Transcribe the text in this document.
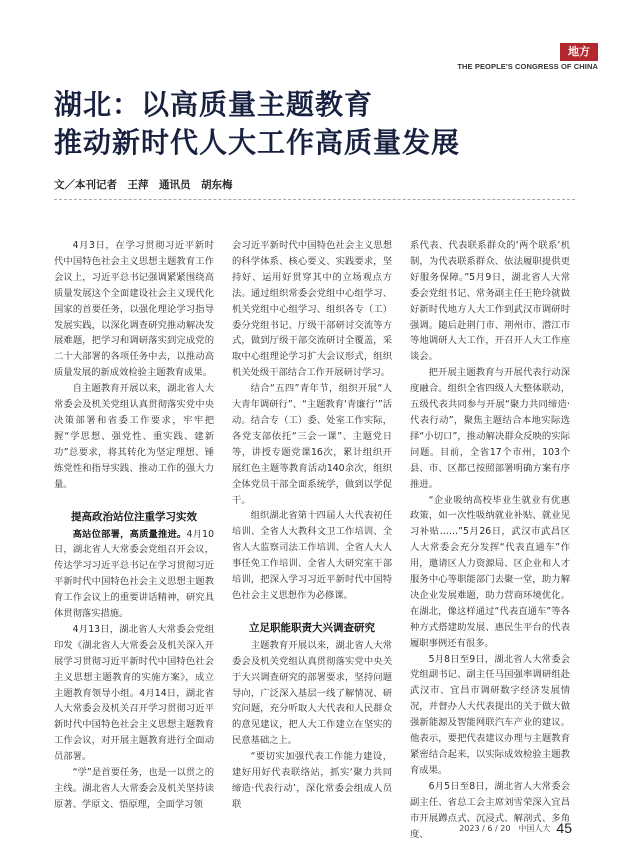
地方
THE PEOPLE'S CONGRESS OF CHINA
湖北：以高质量主题教育
推动新时代人大工作高质量发展
文／本刊记者　王萍　通讯员　胡东梅

4月3日，在学习贯彻习近平新时代中国特色社会主义思想主题教育工作会议上，习近平总书记强调紧紧围绕高质量发展这个全面建设社会主义现代化国家的首要任务，以强化理论学习指导发展实践，以深化调查研究推动解决发展难题，把学习和调研落实到完成党的二十大部署的各项任务中去，以推动高质量发展的新成效检验主题教育成果。

自主题教育开展以来，湖北省人大常委会及机关党组认真贯彻落实党中央决策部署和省委工作要求，牢牢把握“学思想、强党性、重实践、建新功”总要求，将其转化为坚定理想、锤炼党性和指导实践、推动工作的强大力量。

提高政治站位注重学习实效

高站位部署，高质量推进。4月10日，湖北省人大常委会党组召开会议，传达学习习近平总书记在学习贯彻习近平新时代中国特色社会主义思想主题教育工作会议上的重要讲话精神，研究具体贯彻落实措施。

4月13日，湖北省人大常委会党组印发《湖北省人大常委会及机关深入开展学习贯彻习近平新时代中国特色社会主义思想主题教育的实施方案》，成立主题教育领导小组。4月14日，湖北省人大常委会及机关召开学习贯彻习近平新时代中国特色社会主义思想主题教育工作会议，对开展主题教育进行全面动员部署。

“学”是首要任务，也是一以贯之的主线。湖北省人大常委会及机关坚持读原著、学原文、悟原理，全面学习领

会习近平新时代中国特色社会主义思想的科学体系、核心要义、实践要求，坚持好、运用好贯穿其中的立场观点方法。通过组织常委会党组中心组学习、机关党组中心组学习、组织各专（工）委分党组书记、厅级干部研讨交流等方式，做到厅级干部交流研讨全覆盖，采取中心组理论学习扩大会议形式，组织机关处级干部结合工作开展研讨学习。

结合“五四”青年节，组织开展“人大青年调研行”、“主题教育‘青廉行’”活动。结合专（工）委、处室工作实际，各党支部依托“三会一课”、主题党日等，讲授专题党课16次，累计组织开展红色主题等教育活动140余次，组织全体党员干部全面系统学，做到以学促干。

组织湖北省第十四届人大代表初任培训、全省人大教科文卫工作培训、全省人大监察司法工作培训、全省人大人事任免工作培训、全省人大研究室干部培训，把深入学习习近平新时代中国特色社会主义思想作为必修课。

立足职能职责大兴调查研究

主题教育开展以来，湖北省人大常委会及机关党组认真贯彻落实党中央关于大兴调查研究的部署要求，坚持问题导向，广泛深入基层一线了解情况、研究问题，充分听取人大代表和人民群众的意见建议，把人大工作建立在坚实的民意基础之上。

“要切实加强代表工作能力建设，建好用好代表联络站，抓实‘聚力共同缔造·代表行动’，深化常委会组成人员联

系代表、代表联系群众的‘两个联系’机制，为代表联系群众、依法履职提供更好服务保障。”5月9日，湖北省人大常委会党组书记、常务副主任王艳玲就做好新时代地方人大工作到武汉市调研时强调。随后赴荆门市、荆州市、潜江市等地调研人大工作，开召开人大工作座谈会。

把开展主题教育与开展代表行动深度融合。组织全省四级人大整体联动，五级代表共同参与开展“聚力共同缔造·代表行动”，聚焦主题结合本地实际选择“小切口”，推动解决群众反映的实际问题。目前，全省17个市州，103个县、市、区都已按照部署明确方案有序推进。

“企业吸纳高校毕业生就业有优惠政策，如一次性吸纳就业补贴、就业见习补贴……”5月26日，武汉市武昌区人大常委会充分发挥“代表直通车”作用，邀请区人力资源局、区企业和人才服务中心等职能部门去聚一堂，助力解决企业发展难题，助力营商环境优化。在湖北，像这样通过“代表直通车”等各种方式搭建助发展、惠民生平台的代表履职事例还有很多。

5月8日至9日，湖北省人大常委会党组副书记、副主任马国强率调研组赴武汉市、宜昌市调研数字经济发展情况，并督办人大代表提出的关于做大做强新能源及智能网联汽车产业的建议。他表示，要把代表建议办理与主题教育紧密结合起来，以实际成效检验主题教育成果。

6月5日至8日，湖北省人大常委会副主任、省总工会主席刘雪荣深入宜昌市开展蹲点式、沉浸式、解剖式、多角度、

2023 / 6 / 20　中国人大 45
